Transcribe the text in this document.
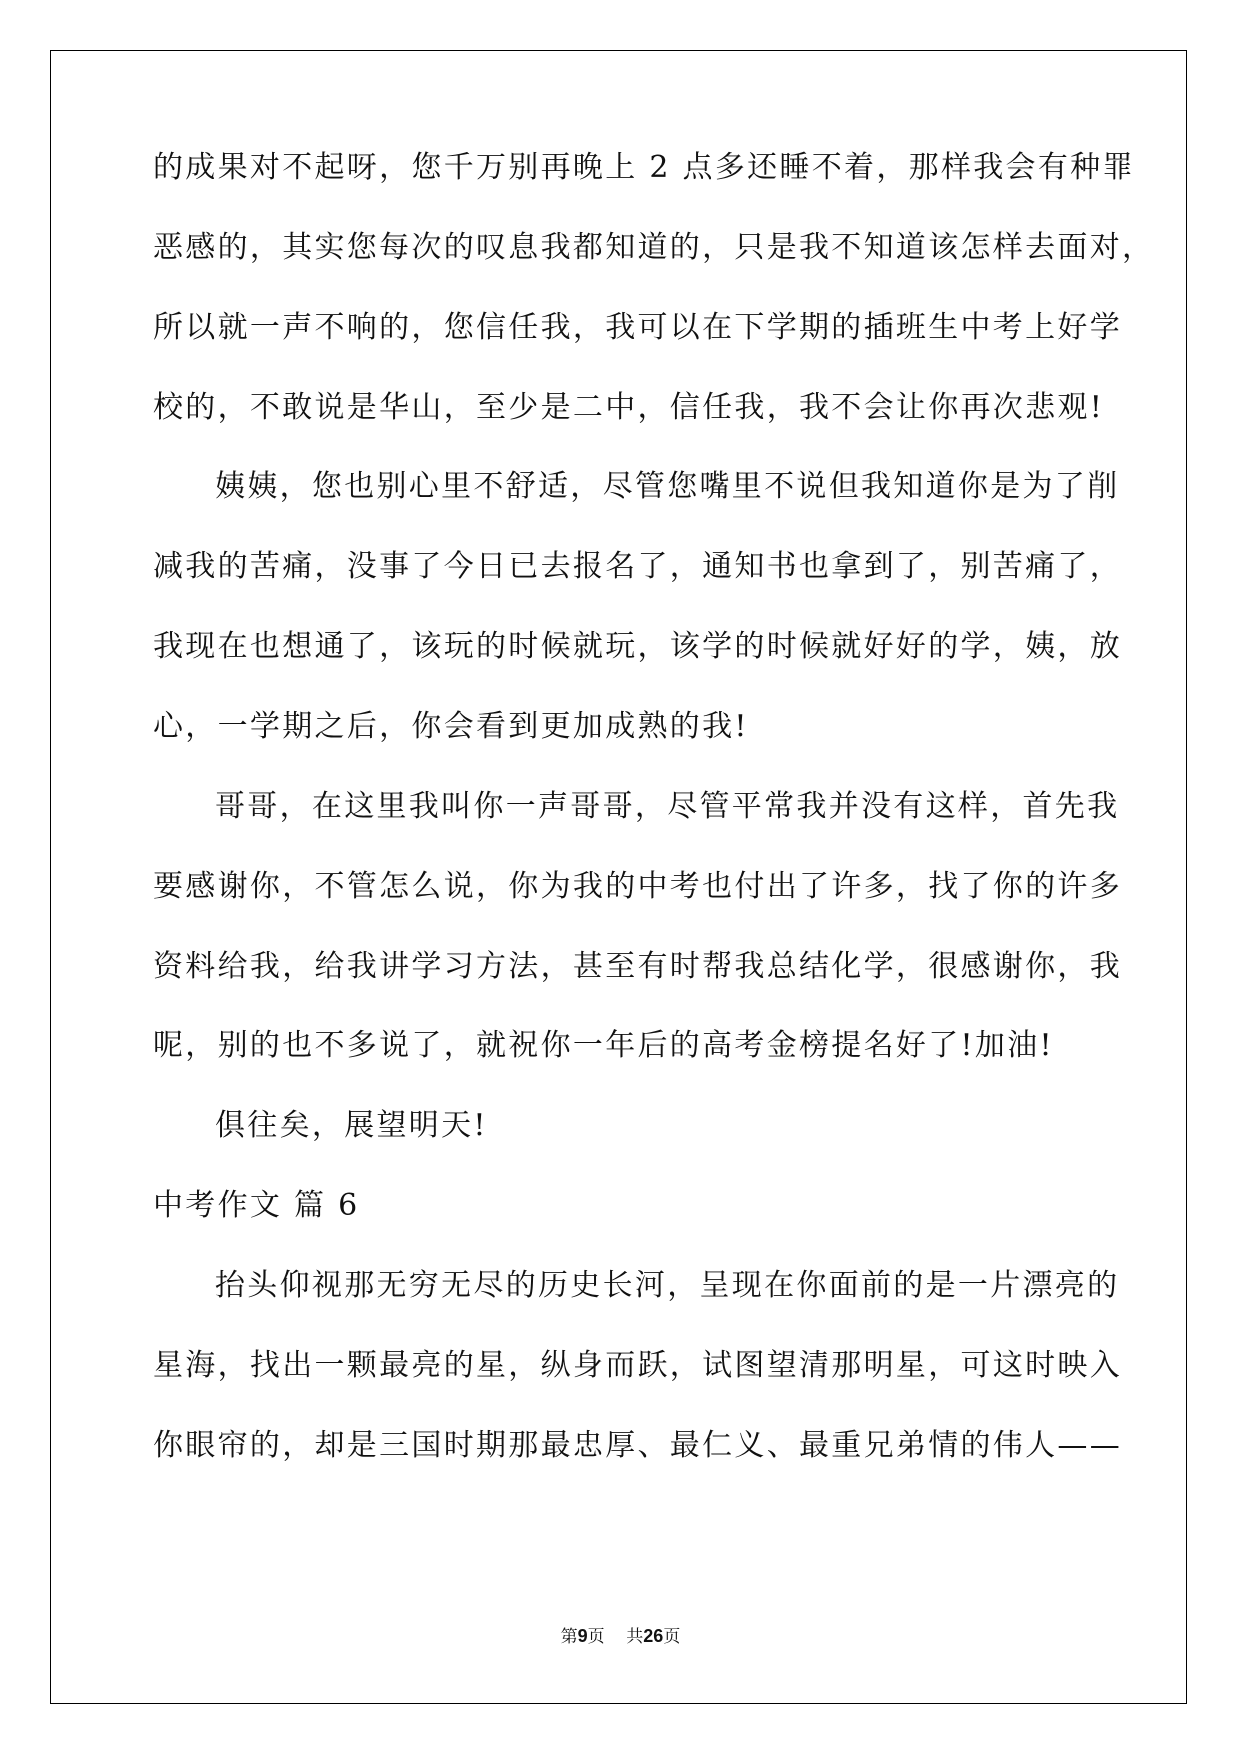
的成果对不起呀，您千万别再晚上 2 点多还睡不着，那样我会有种罪
恶感的，其实您每次的叹息我都知道的，只是我不知道该怎样去面对，
所以就一声不响的，您信任我，我可以在下学期的插班生中考上好学
校的，不敢说是华山，至少是二中，信任我，我不会让你再次悲观!
姨姨，您也别心里不舒适，尽管您嘴里不说但我知道你是为了削
减我的苦痛，没事了今日已去报名了，通知书也拿到了，别苦痛了，
我现在也想通了，该玩的时候就玩，该学的时候就好好的学，姨，放
心，一学期之后，你会看到更加成熟的我!
哥哥，在这里我叫你一声哥哥，尽管平常我并没有这样，首先我
要感谢你，不管怎么说，你为我的中考也付出了许多，找了你的许多
资料给我，给我讲学习方法，甚至有时帮我总结化学，很感谢你，我
呢，别的也不多说了，就祝你一年后的高考金榜提名好了!加油!
俱往矣，展望明天!
中考作文 篇 6
抬头仰视那无穷无尽的历史长河，呈现在你面前的是一片漂亮的
星海，找出一颗最亮的星，纵身而跃，试图望清那明星，可这时映入
你眼帘的，却是三国时期那最忠厚、最仁义、最重兄弟情的伟人——
第9页 共26页
